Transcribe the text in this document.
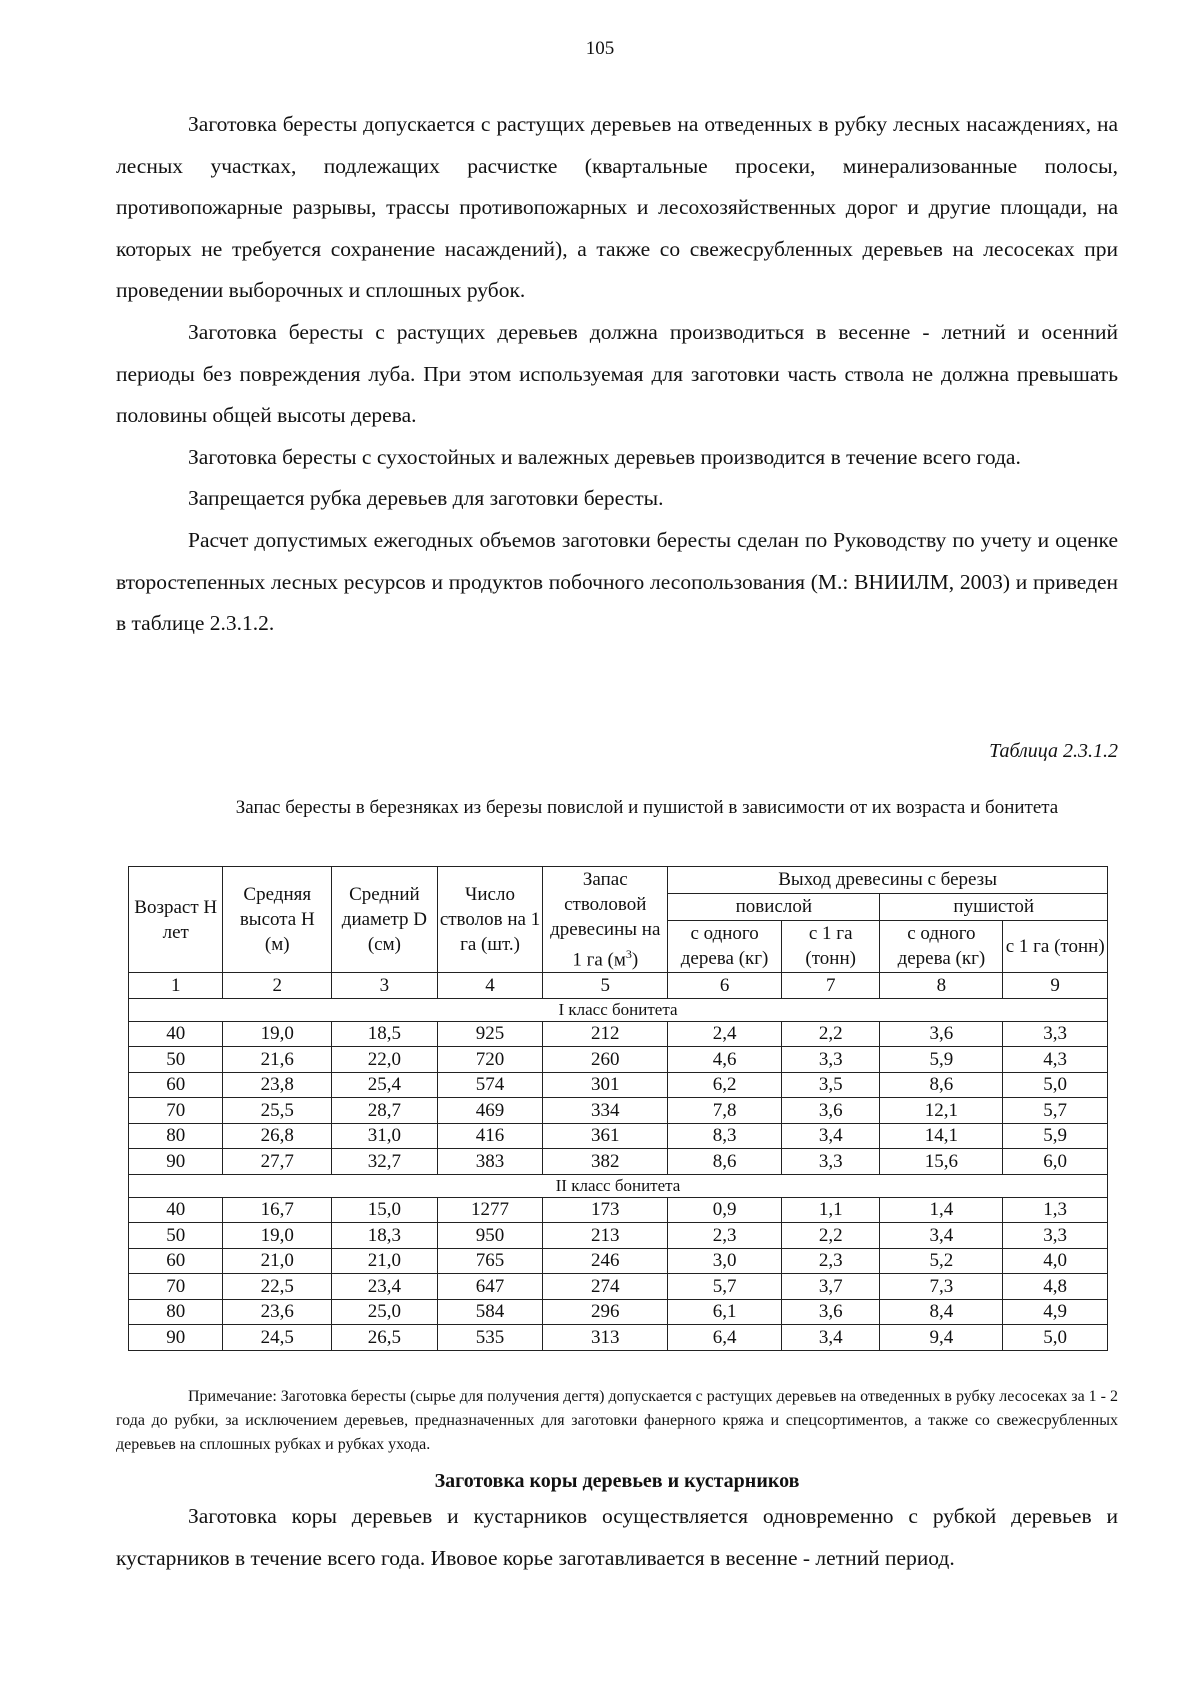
105

Заготовка бересты допускается с растущих деревьев на отведенных в рубку лесных насаждениях, на лесных участках, подлежащих расчистке (квартальные просеки, минерализованные полосы, противопожарные разрывы, трассы противопожарных и лесохозяйственных дорог и другие площади, на которых не требуется сохранение насаждений), а также со свежесрубленных деревьев на лесосеках при проведении выборочных и сплошных рубок.

Заготовка бересты с растущих деревьев должна производиться в весенне - летний и осенний периоды без повреждения луба. При этом используемая для заготовки часть ствола не должна превышать половины общей высоты дерева.

Заготовка бересты с сухостойных и валежных деревьев производится в течение всего года.

Запрещается рубка деревьев для заготовки бересты.

Расчет допустимых ежегодных объемов заготовки бересты сделан по Руководству по учету и оценке второстепенных лесных ресурсов и продуктов побочного лесопользования (М.: ВНИИЛМ, 2003) и приведен в таблице 2.3.1.2.

Таблица 2.3.1.2
Запас бересты в березняках из березы повислой и пушистой в зависимости от их возраста и бонитета
Возраст H лет	Средняя высота H (м)	Средний диаметр D (см)	Число стволов на 1 га (шт.)	Запас стволовой древесины на 1 га $(м^3)$	Выход древесины с березы			
					повислой		пушистой	
					с одного дерева (кг)	с 1 га (тонн)	с одного дерева (кг)	с 1 га (тонн)
1	2	3	4	5	6	7	8	9
I класс бонитета								
40	19,0	18,5	925	212	2,4	2,2	3,6	3,3
50	21,6	22,0	720	260	4,6	3,3	5,9	4,3
60	23,8	25,4	574	301	6,2	3,5	8,6	5,0
70	25,5	28,7	469	334	7,8	3,6	12,1	5,7
80	26,8	31,0	416	361	8,3	3,4	14,1	5,9
90	27,7	32,7	383	382	8,6	3,3	15,6	6,0
II класс бонитета								
40	16,7	15,0	1277	173	0,9	1,1	1,4	1,3
50	19,0	18,3	950	213	2,3	2,2	3,4	3,3
60	21,0	21,0	765	246	3,0	2,3	5,2	4,0
70	22,5	23,4	647	274	5,7	3,7	7,3	4,8
80	23,6	25,0	584	296	6,1	3,6	8,4	4,9
90	24,5	26,5	535	313	6,4	3,4	9,4	5,0

Примечание: Заготовка бересты (сырье для получения дегтя) допускается с растущих деревьев на отведенных в рубку лесосеках за 1 - 2 года до рубки, за исключением деревьев, предназначенных для заготовки фанерного кряжа и спецсортиментов, а также со свежесрубленных деревьев на сплошных рубках и рубках ухода.

Заготовка коры деревьев и кустарников

Заготовка коры деревьев и кустарников осуществляется одновременно с рубкой деревьев и кустарников в течение всего года. Ивовое корье заготавливается в весенне - летний период.
